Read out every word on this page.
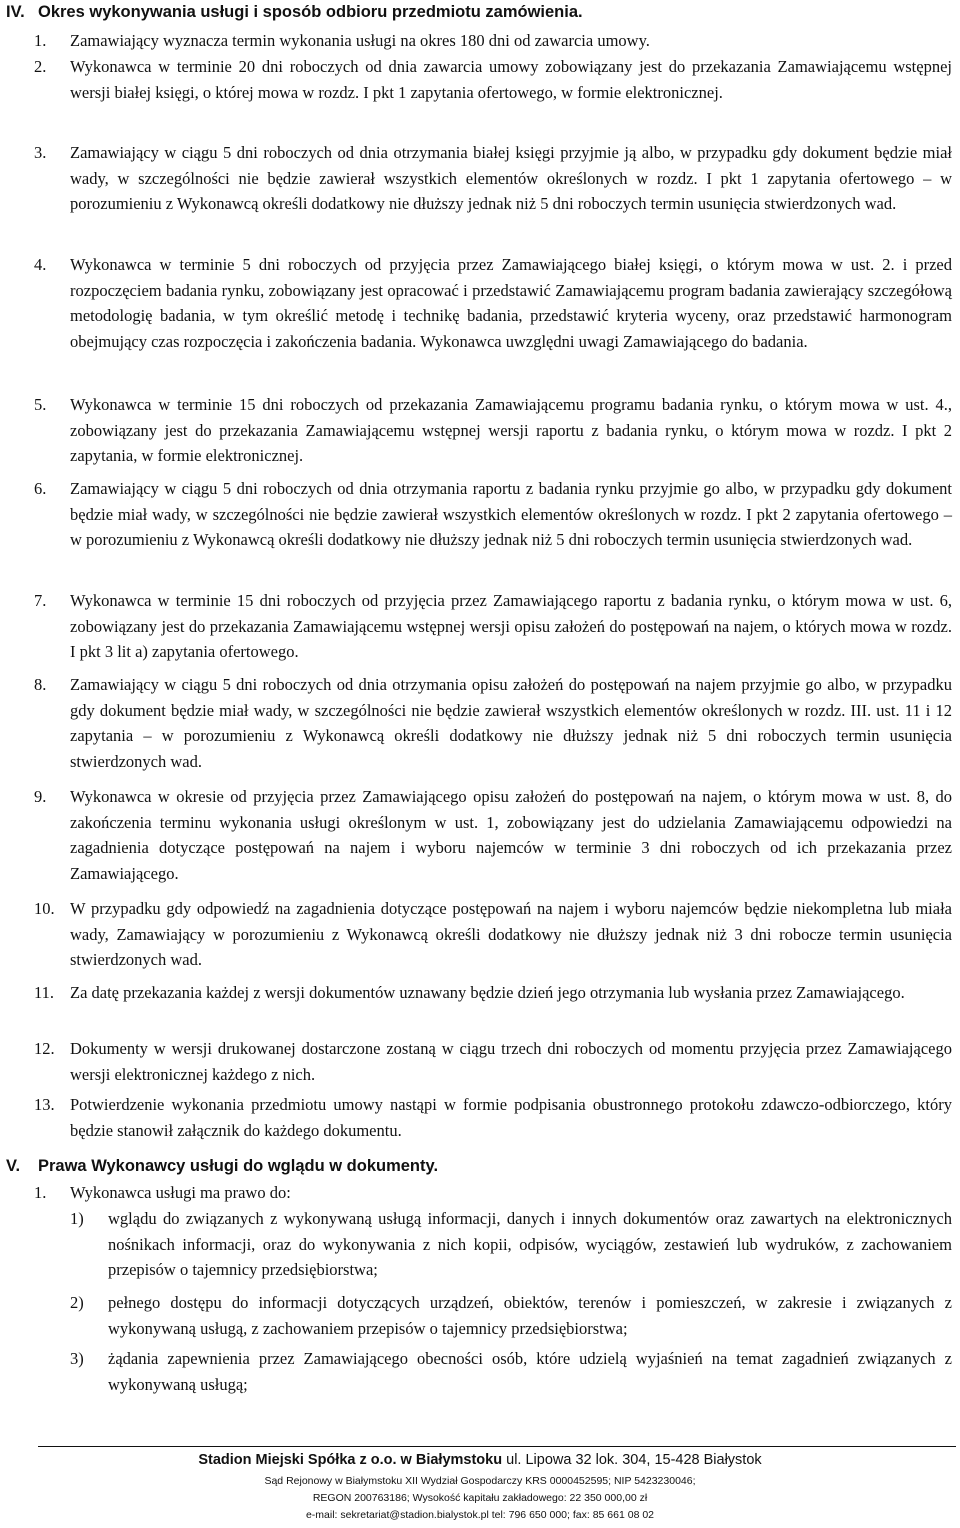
IV. Okres wykonywania usługi i sposób odbioru przedmiotu zamówienia.
1. Zamawiający wyznacza termin wykonania usługi na okres 180 dni od zawarcia umowy.
2. Wykonawca w terminie 20 dni roboczych od dnia zawarcia umowy zobowiązany jest do przekazania Zamawiającemu wstępnej wersji białej księgi, o której mowa w rozdz. I pkt 1 zapytania ofertowego, w formie elektronicznej.
3. Zamawiający w ciągu 5 dni roboczych od dnia otrzymania białej księgi przyjmie ją albo, w przypadku gdy dokument będzie miał wady, w szczególności nie będzie zawierał wszystkich elementów określonych w rozdz. I pkt 1 zapytania ofertowego – w porozumieniu z Wykonawcą określi dodatkowy nie dłuższy jednak niż 5 dni roboczych termin usunięcia stwierdzonych wad.
4. Wykonawca w terminie 5 dni roboczych od przyjęcia przez Zamawiającego białej księgi, o którym mowa w ust. 2. i przed rozpoczęciem badania rynku, zobowiązany jest opracować i przedstawić Zamawiającemu program badania zawierający szczegółową metodologię badania, w tym określić metodę i technikę badania, przedstawić kryteria wyceny, oraz przedstawić harmonogram obejmujący czas rozpoczęcia i zakończenia badania. Wykonawca uwzględni uwagi Zamawiającego do badania.
5. Wykonawca w terminie 15 dni roboczych od przekazania Zamawiającemu programu badania rynku, o którym mowa w ust. 4., zobowiązany jest do przekazania Zamawiającemu wstępnej wersji raportu z badania rynku, o którym mowa w rozdz. I pkt 2 zapytania, w formie elektronicznej.
6. Zamawiający w ciągu 5 dni roboczych od dnia otrzymania raportu z badania rynku przyjmie go albo, w przypadku gdy dokument będzie miał wady, w szczególności nie będzie zawierał wszystkich elementów określonych w rozdz. I pkt 2 zapytania ofertowego – w porozumieniu z Wykonawcą określi dodatkowy nie dłuższy jednak niż 5 dni roboczych termin usunięcia stwierdzonych wad.
7. Wykonawca w terminie 15 dni roboczych od przyjęcia przez Zamawiającego raportu z badania rynku, o którym mowa w ust. 6, zobowiązany jest do przekazania Zamawiającemu wstępnej wersji opisu założeń do postępowań na najem, o których mowa w rozdz. I pkt 3 lit a) zapytania ofertowego.
8. Zamawiający w ciągu 5 dni roboczych od dnia otrzymania opisu założeń do postępowań na najem przyjmie go albo, w przypadku gdy dokument będzie miał wady, w szczególności nie będzie zawierał wszystkich elementów określonych w rozdz. III. ust. 11 i 12 zapytania – w porozumieniu z Wykonawcą określi dodatkowy nie dłuższy jednak niż 5 dni roboczych termin usunięcia stwierdzonych wad.
9. Wykonawca w okresie od przyjęcia przez Zamawiającego opisu założeń do postępowań na najem, o którym mowa w ust. 8, do zakończenia terminu wykonania usługi określonym w ust. 1, zobowiązany jest do udzielania Zamawiającemu odpowiedzi na zagadnienia dotyczące postępowań na najem i wyboru najemców w terminie 3 dni roboczych od ich przekazania przez Zamawiającego.
10. W przypadku gdy odpowiedź na zagadnienia dotyczące postępowań na najem i wyboru najemców będzie niekompletna lub miała wady, Zamawiający w porozumieniu z Wykonawcą określi dodatkowy nie dłuższy jednak niż 3 dni robocze termin usunięcia stwierdzonych wad.
11. Za datę przekazania każdej z wersji dokumentów uznawany będzie dzień jego otrzymania lub wysłania przez Zamawiającego.
12. Dokumenty w wersji drukowanej dostarczone zostaną w ciągu trzech dni roboczych od momentu przyjęcia przez Zamawiającego wersji elektronicznej każdego z nich.
13. Potwierdzenie wykonania przedmiotu umowy nastąpi w formie podpisania obustronnego protokołu zdawczo-odbiorczego, który będzie stanowił załącznik do każdego dokumentu.
V. Prawa Wykonawcy usługi do wglądu w dokumenty.
1. Wykonawca usługi ma prawo do:
1) wglądu do związanych z wykonywaną usługą informacji, danych i innych dokumentów oraz zawartych na elektronicznych nośnikach informacji, oraz do wykonywania z nich kopii, odpisów, wyciągów, zestawień lub wydruków, z zachowaniem przepisów o tajemnicy przedsiębiorstwa;
2) pełnego dostępu do informacji dotyczących urządzeń, obiektów, terenów i pomieszczeń, w zakresie i związanych z wykonywaną usługą, z zachowaniem przepisów o tajemnicy przedsiębiorstwa;
3) żądania zapewnienia przez Zamawiającego obecności osób, które udzielą wyjaśnień na temat zagadnień związanych z wykonywaną usługą;
Stadion Miejski Spółka z o.o. w Białymstoku ul. Lipowa 32 lok. 304, 15-428 Białystok
Sąd Rejonowy w Białymstoku XII Wydział Gospodarczy KRS 0000452595; NIP 5423230046;
REGON 200763186; Wysokość kapitału zakładowego: 22 350 000,00 zł
e-mail: sekretariat@stadion.bialystok.pl tel: 796 650 000; fax: 85 661 08 02
